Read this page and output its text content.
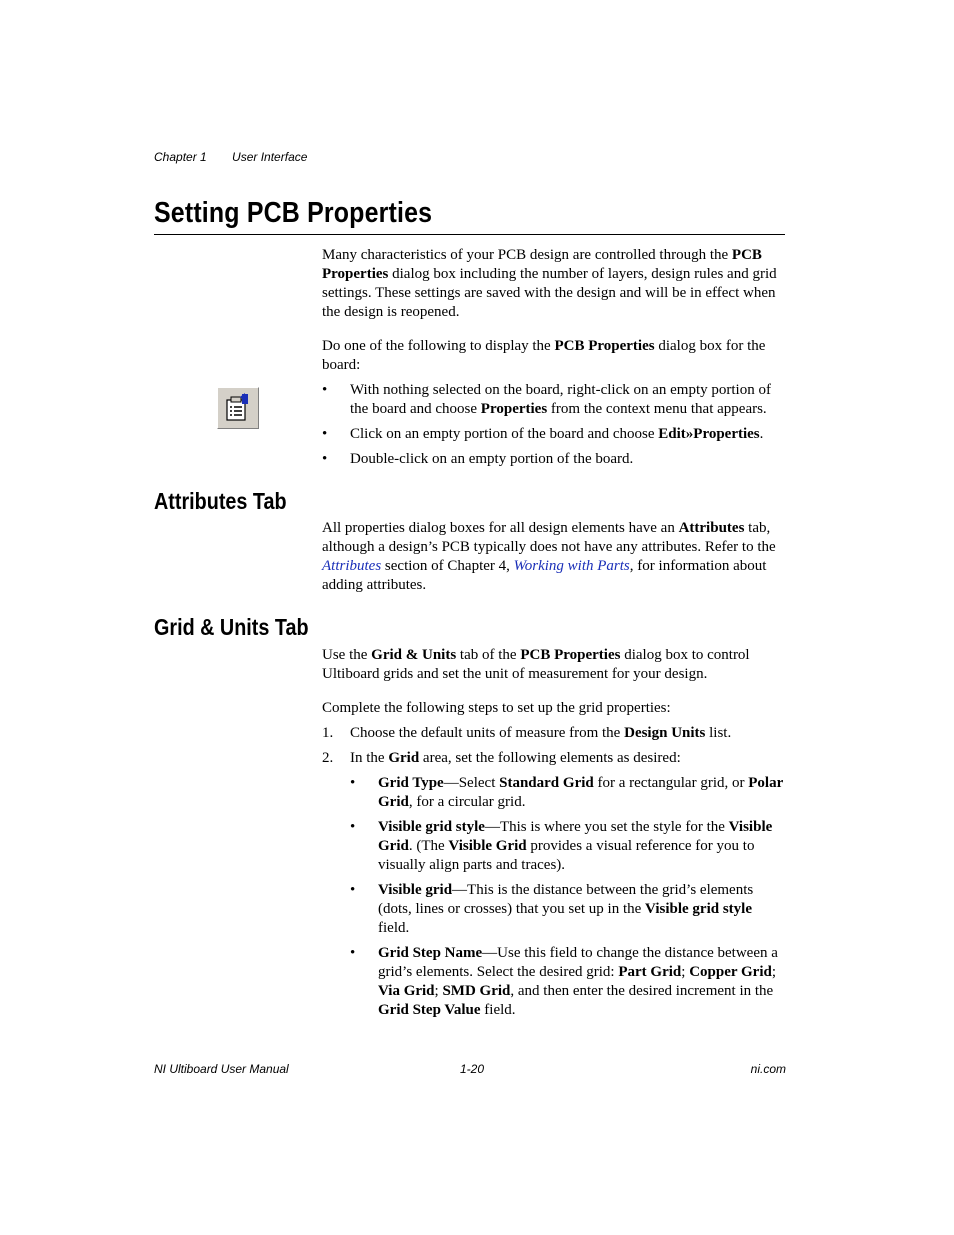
Chapter 1 User Interface
Setting PCB Properties

Many characteristics of your PCB design are controlled through the PCB Properties dialog box including the number of layers, design rules and grid settings. These settings are saved with the design and will be in effect when the design is reopened.

Do one of the following to display the PCB Properties dialog box for the board:

• With nothing selected on the board, right-click on an empty portion of the board and choose Properties from the context menu that appears.
• Click on an empty portion of the board and choose Edit»Properties.
• Double-click on an empty portion of the board.
Attributes Tab

All properties dialog boxes for all design elements have an Attributes tab, although a design’s PCB typically does not have any attributes. Refer to the Attributes section of Chapter 4, Working with Parts, for information about adding attributes.

Grid & Units Tab

Use the Grid & Units tab of the PCB Properties dialog box to control Ultiboard grids and set the unit of measurement for your design.

Complete the following steps to set up the grid properties:

1. Choose the default units of measure from the Design Units list.
2. In the Grid area, set the following elements as desired:
• Grid Type—Select Standard Grid for a rectangular grid, or Polar Grid, for a circular grid.
• Visible grid style—This is where you set the style for the Visible Grid. (The Visible Grid provides a visual reference for you to visually align parts and traces).
• Visible grid—This is the distance between the grid’s elements (dots, lines or crosses) that you set up in the Visible grid style field.
• Grid Step Name—Use this field to change the distance between a grid’s elements. Select the desired grid: Part Grid; Copper Grid; Via Grid; SMD Grid, and then enter the desired increment in the Grid Step Value field.
NI Ultiboard User Manual	1-20	ni.com
